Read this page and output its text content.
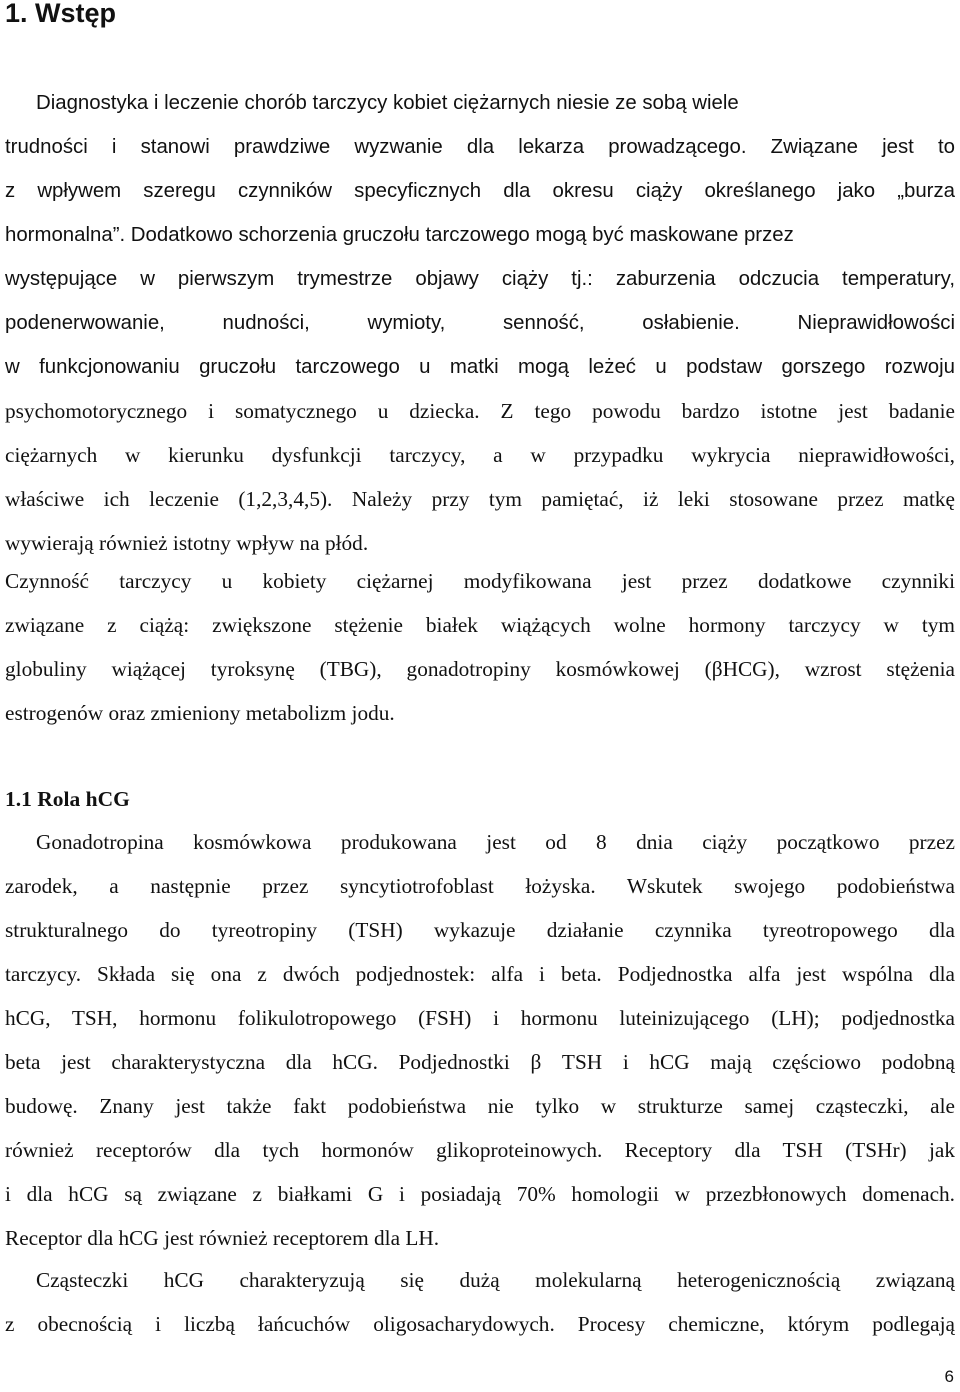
1. Wstęp
Diagnostyka i leczenie chorób tarczycy kobiet ciężarnych niesie ze sobą wiele
trudności i stanowi prawdziwe wyzwanie dla lekarza prowadzącego. Związane jest to
z wpływem szeregu czynników specyficznych dla okresu ciąży określanego jako „burza
hormonalna”. Dodatkowo schorzenia gruczołu tarczowego mogą być maskowane przez
występujące w pierwszym trymestrze objawy ciąży tj.: zaburzenia odczucia temperatury,
podenerwowanie, nudności, wymioty, senność, osłabienie. Nieprawidłowości
w funkcjonowaniu gruczołu tarczowego u matki mogą leżeć u podstaw gorszego rozwoju
psychomotorycznego i somatycznego u dziecka. Z tego powodu bardzo istotne jest badanie
ciężarnych w kierunku dysfunkcji tarczycy, a w przypadku wykrycia nieprawidłowości,
właściwe ich leczenie (1,2,3,4,5). Należy przy tym pamiętać, iż leki stosowane przez matkę
wywierają również istotny wpływ na płód.
Czynność tarczycy u kobiety ciężarnej modyfikowana jest przez dodatkowe czynniki
związane z ciążą: zwiększone stężenie białek wiążących wolne hormony tarczycy w tym
globuliny wiążącej tyroksynę (TBG), gonadotropiny kosmówkowej (βHCG), wzrost stężenia
estrogenów oraz zmieniony metabolizm jodu.
1.1 Rola hCG
Gonadotropina kosmówkowa produkowana jest od 8 dnia ciąży początkowo przez
zarodek, a następnie przez syncytiotrofoblast łożyska. Wskutek swojego podobieństwa
strukturalnego do tyreotropiny (TSH) wykazuje działanie czynnika tyreotropowego dla
tarczycy. Składa się ona z dwóch podjednostek: alfa i beta. Podjednostka alfa jest wspólna dla
hCG, TSH, hormonu folikulotropowego (FSH) i hormonu luteinizującego (LH); podjednostka
beta jest charakterystyczna dla hCG. Podjednostki β TSH i hCG mają częściowo podobną
budowę. Znany jest także fakt podobieństwa nie tylko w strukturze samej cząsteczki, ale
również receptorów dla tych hormonów glikoproteinowych. Receptory dla TSH (TSHr) jak
i dla hCG są związane z białkami G i posiadają 70% homologii w przezbłonowych domenach.
Receptor dla hCG jest również receptorem dla LH.
Cząsteczki hCG charakteryzują się dużą molekularną heterogenicznością związaną
z obecnością i liczbą łańcuchów oligosacharydowych. Procesy chemiczne, którym podlegają
6
